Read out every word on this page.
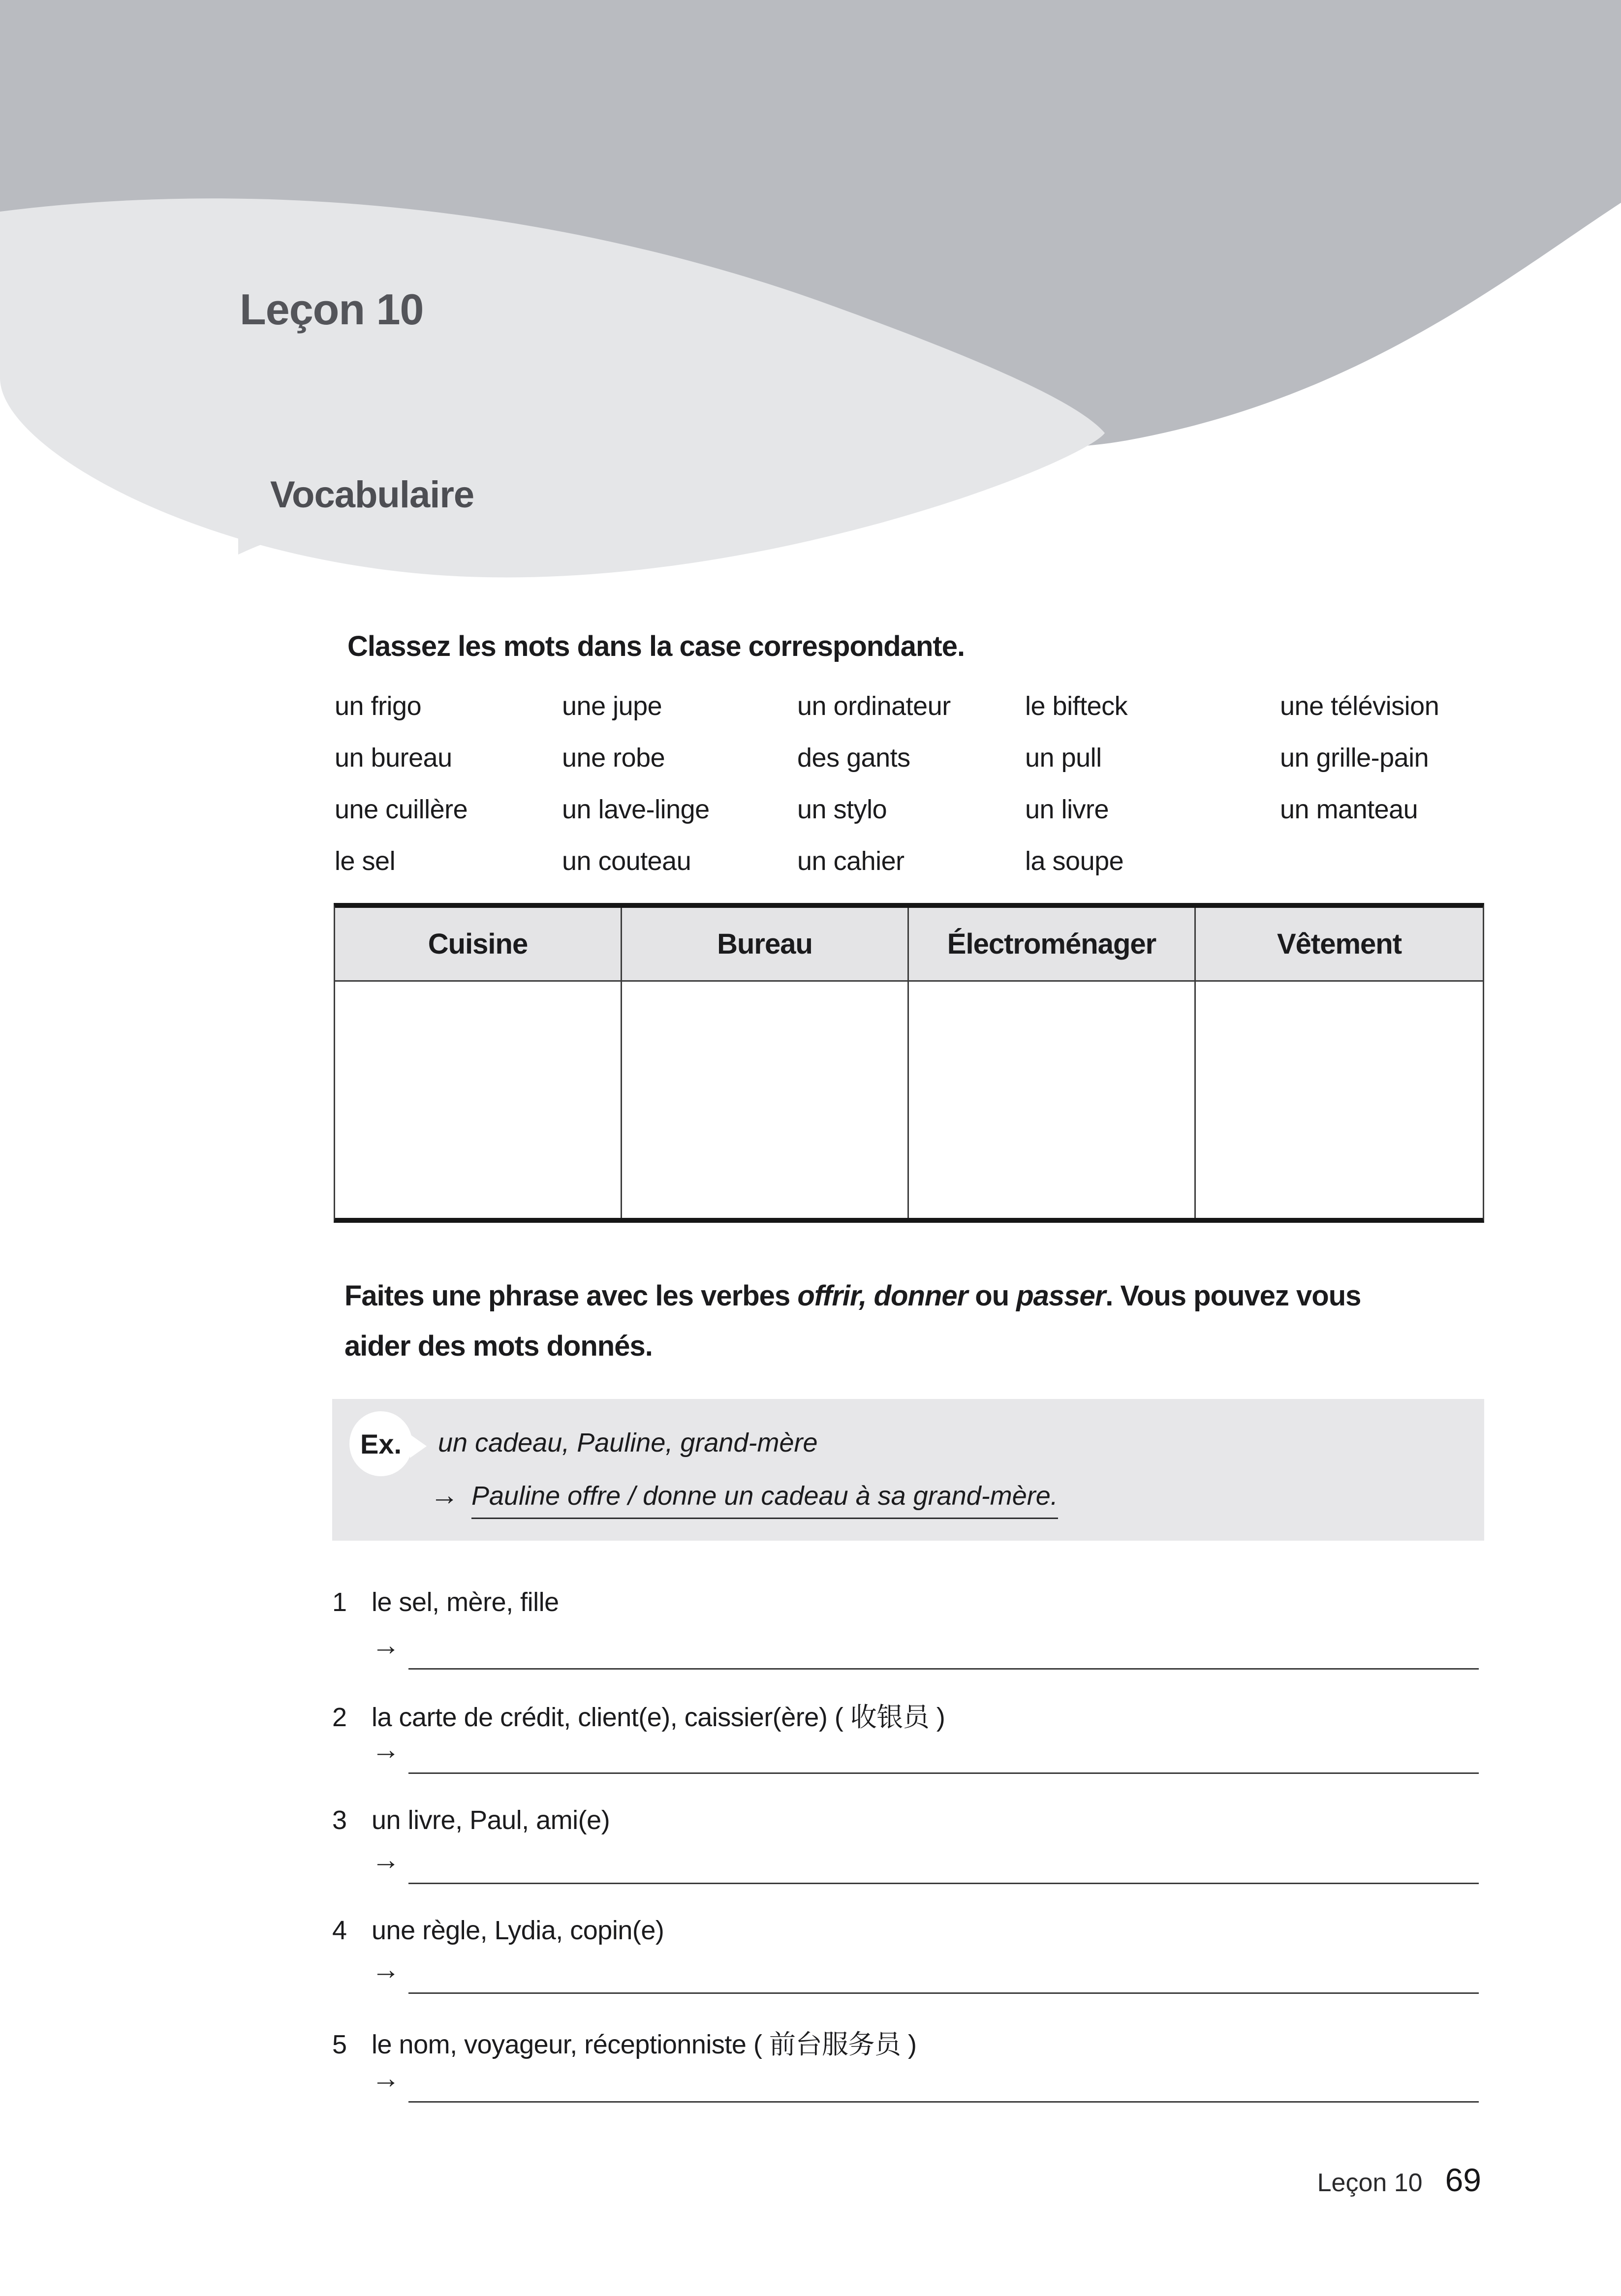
Leçon 10
Vocabulaire
1 Classez les mots dans la case correspondante.
un frigo	une jupe	un ordinateur	le bifteck	une télévision
un bureau	une robe	des gants	un pull	un grille-pain
une cuillère	un lave-linge	un stylo	un livre	un manteau
le sel	un couteau	un cahier	la soupe
Cuisine	Bureau	Électroménager	Vêtement
2 Faites une phrase avec les verbes offrir, donner ou passer. Vous pouvez vous
aider des mots donnés.
Ex. un cadeau, Pauline, grand-mère
→ Pauline offre / donne un cadeau à sa grand-mère.
1 le sel, mère, fille
→
2 la carte de crédit, client(e), caissier(ère) ( 收银员 )
→
3 un livre, Paul, ami(e)
→
4 une règle, Lydia, copin(e)
→
5 le nom, voyageur, réceptionniste ( 前台服务员 )
→
Leçon 10 69
